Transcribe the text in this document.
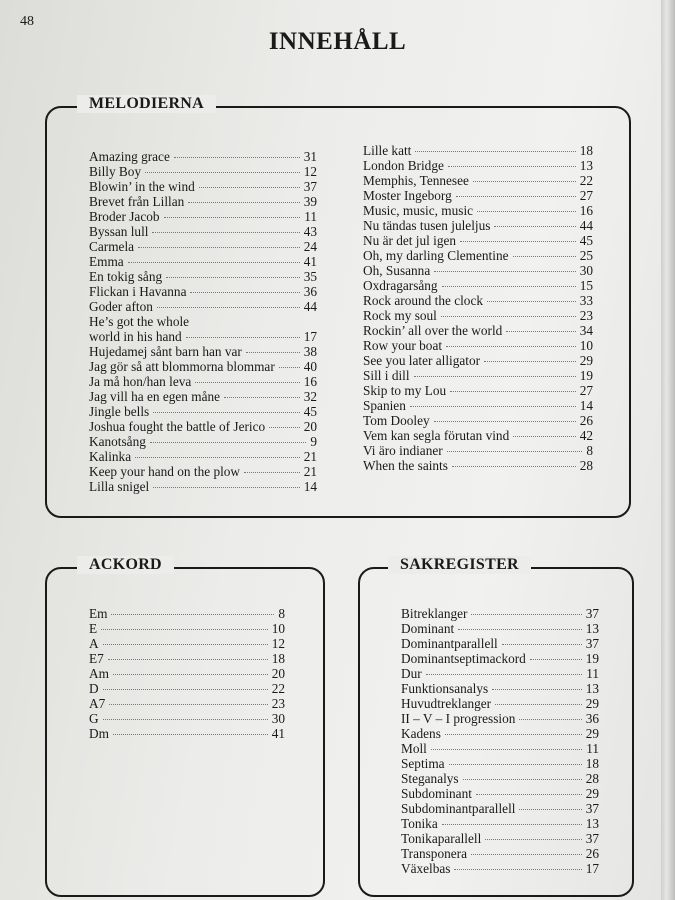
48
INNEHÅLL
MELODIERNA
Amazing grace	31
Billy Boy	12
Blowin’ in the wind	37
Brevet från Lillan	39
Broder Jacob	11
Byssan lull	43
Carmela	24
Emma	41
En tokig sång	35
Flickan i Havanna	36
Goder afton	44
He’s got the whole
world in his hand	17
Hujedamej sånt barn han var	38
Jag gör så att blommorna blommar 40
Ja må hon/han leva	16
Jag vill ha en egen måne	32
Jingle bells	45
Joshua fought the battle of Jerico	20
Kanotsång	9
Kalinka	21
Keep your hand on the plow	21
Lilla snigel	14
Lille katt	18
London Bridge	13
Memphis, Tennesee	22
Moster Ingeborg	27
Music, music, music	16
Nu tändas tusen juleljus	44
Nu är det jul igen	45
Oh, my darling Clementine	25
Oh, Susanna	30
Oxdragarsång	15
Rock around the clock	33
Rock my soul	23
Rockin’ all over the world	34
Row your boat	10
See you later alligator	29
Sill i dill	19
Skip to my Lou	27
Spanien	14
Tom Dooley	26
Vem kan segla förutan vind	42
Vi äro indianer	8
When the saints	28
ACKORD
Em	8
E	10
A	12
E7	18
Am	20
D	22
A7	23
G	30
Dm	41
SAKREGISTER
Bitreklanger	37
Dominant	13
Dominantparallell	37
Dominantseptimackord	19
Dur	11
Funktionsanalys	13
Huvudtreklanger	29
II – V – I progression	36
Kadens	29
Moll	11
Septima	18
Steganalys	28
Subdominant	29
Subdominantparallell	37
Tonika	13
Tonikaparallell	37
Transponera	26
Växelbas	17
